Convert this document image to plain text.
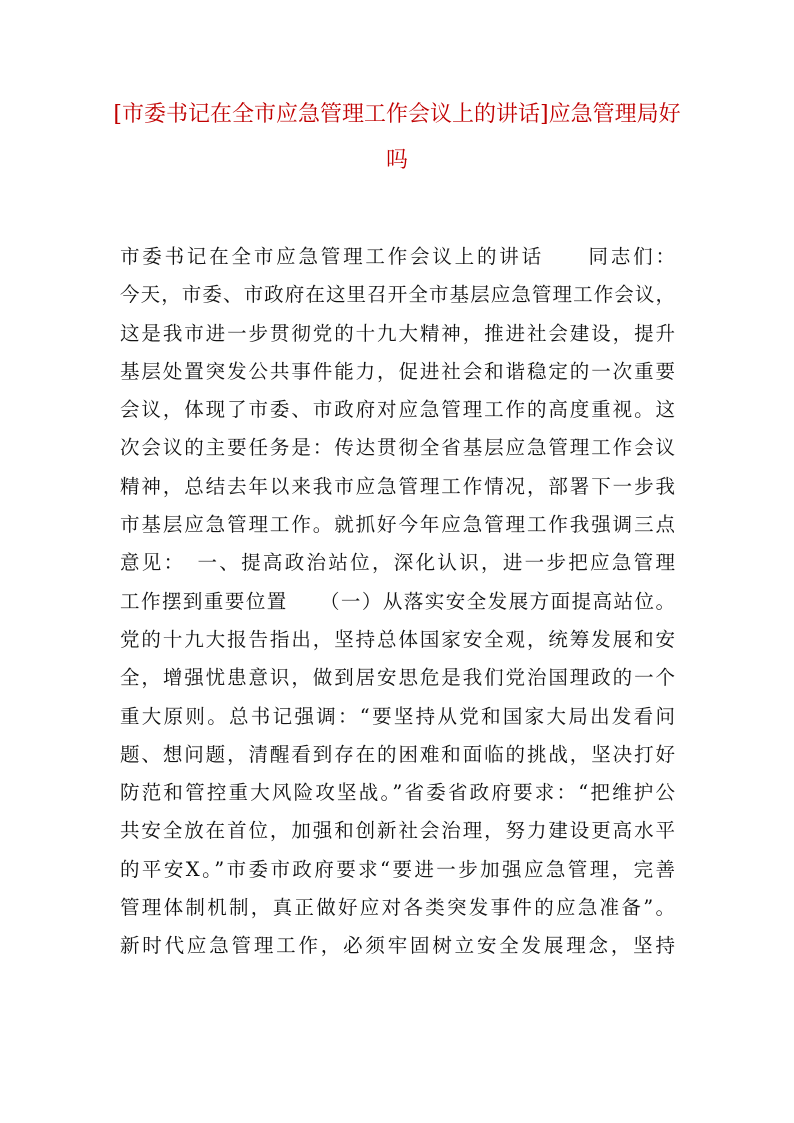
[市委书记在全市应急管理工作会议上的讲话]应急管理局好吗
市委书记在全市应急管理工作会议上的讲话　　同志们：
今天，市委、市政府在这里召开全市基层应急管理工作会议，
这是我市进一步贯彻党的十九大精神，推进社会建设，提升
基层处置突发公共事件能力，促进社会和谐稳定的一次重要
会议，体现了市委、市政府对应急管理工作的高度重视。这
次会议的主要任务是：传达贯彻全省基层应急管理工作会议
精神，总结去年以来我市应急管理工作情况，部署下一步我
市基层应急管理工作。就抓好今年应急管理工作我强调三点
意见：　一、提高政治站位，深化认识，进一步把应急管理
工作摆到重要位置　　（一）从落实安全发展方面提高站位。
党的十九大报告指出，坚持总体国家安全观，统筹发展和安
全，增强忧患意识，做到居安思危是我们党治国理政的一个
重大原则。总书记强调：“要坚持从党和国家大局出发看问
题、想问题，清醒看到存在的困难和面临的挑战，坚决打好
防范和管控重大风险攻坚战。”省委省政府要求：“把维护公
共安全放在首位，加强和创新社会治理，努力建设更高水平
的平安X。”市委市政府要求“要进一步加强应急管理，完善
管理体制机制，真正做好应对各类突发事件的应急准备”。
新时代应急管理工作，必须牢固树立安全发展理念，坚持
